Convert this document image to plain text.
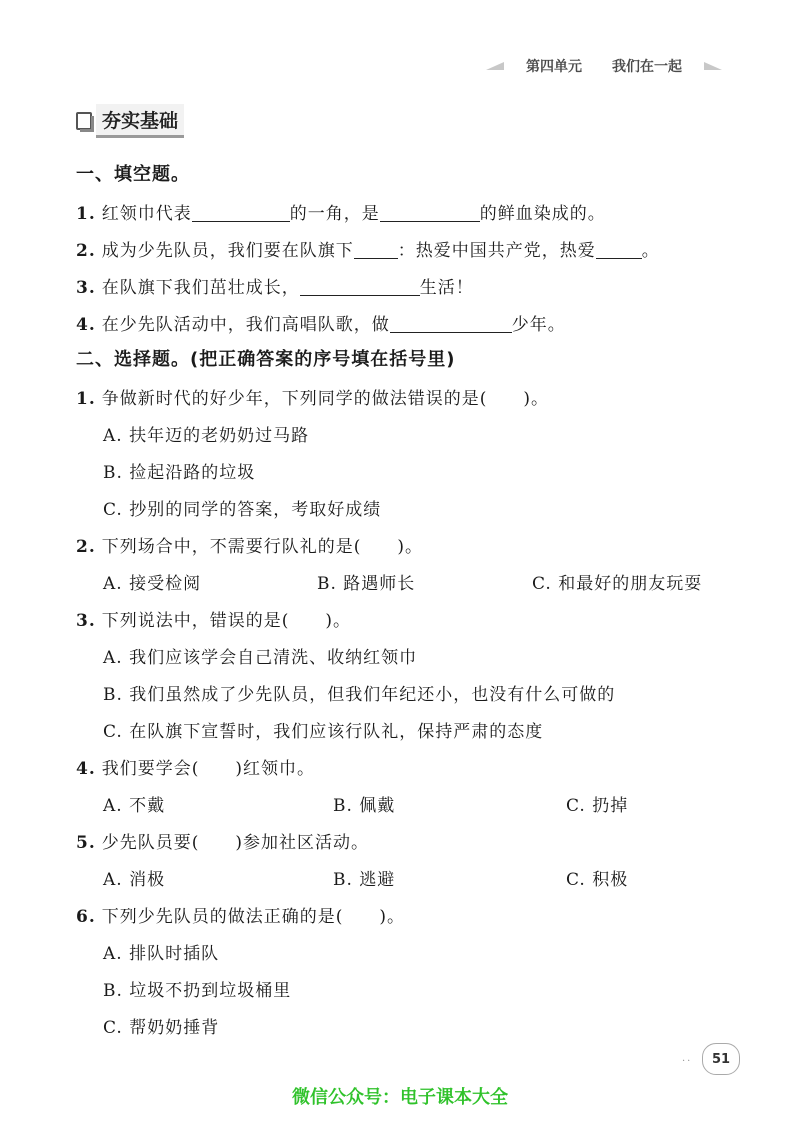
第四单元 我们在一起
夯实基础
一、填空题。
1. 红领巾代表	的一角，是	的鲜血染成的。
2. 成为少先队员，我们要在队旗下	：热爱中国共产党，热爱	。
3. 在队旗下我们茁壮成长，	生活！
4. 在少先队活动中，我们高唱队歌，做	少年。
二、选择题。(把正确答案的序号填在括号里)
1. 争做新时代的好少年，下列同学的做法错误的是(　　)。
A. 扶年迈的老奶奶过马路
B. 捡起沿路的垃圾
C. 抄别的同学的答案，考取好成绩
2. 下列场合中，不需要行队礼的是(　　)。
A. 接受检阅	B. 路遇师长	C. 和最好的朋友玩耍
3. 下列说法中，错误的是(　　)。
A. 我们应该学会自己清洗、收纳红领巾
B. 我们虽然成了少先队员，但我们年纪还小，也没有什么可做的
C. 在队旗下宣誓时，我们应该行队礼，保持严肃的态度
4. 我们要学会(　　)红领巾。
A. 不戴	B. 佩戴	C. 扔掉
5. 少先队员要(　　)参加社区活动。
A. 消极	B. 逃避	C. 积极
6. 下列少先队员的做法正确的是(　　)。
A. 排队时插队
B. 垃圾不扔到垃圾桶里
C. 帮奶奶捶背
··	51
微信公众号：电子课本大全
